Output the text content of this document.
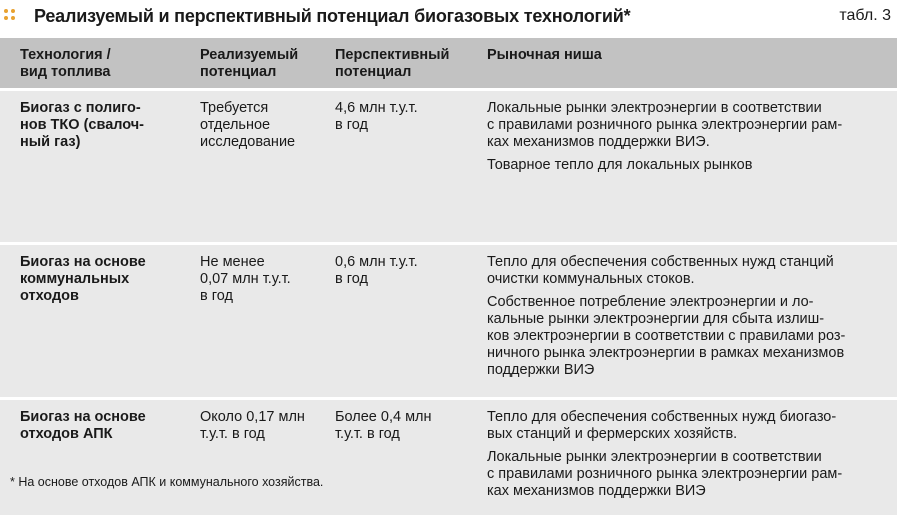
Реализуемый и перспективный потенциал биогазовых технологий*	табл. 3
Технология /
вид топлива
Реализуемый
потенциал
Перспективный
потенциал
Рыночная ниша
Биогаз с полиго-
нов ТКО (свалоч-
ный газ)
Требуется
отдельное
исследование
4,6 млн т.у.т.
в год

Локальные рынки электроэнергии в соответствии
с правилами розничного рынка электроэнергии рам-
ках механизмов поддержки ВИЭ.

Товарное тепло для локальных рынков

Биогаз на основе
коммунальных
отходов
Не менее
0,07 млн т.у.т.
в год
0,6 млн т.у.т.
в год

Тепло для обеспечения собственных нужд станций
очистки коммунальных стоков.

Собственное потребление электроэнергии и ло-
кальные рынки электроэнергии для сбыта излиш-
ков электроэнергии в соответствии с правилами роз-
ничного рынка электроэнергии в рамках механизмов
поддержки ВИЭ

Биогаз на основе
отходов АПК
Около 0,17 млн
т.у.т. в год
Более 0,4 млн
т.у.т. в год

Тепло для обеспечения собственных нужд биогазо-
вых станций и фермерских хозяйств.

Локальные рынки электроэнергии в соответствии
с правилами розничного рынка электроэнергии рам-
ках механизмов поддержки ВИЭ

* На основе отходов АПК и коммунального хозяйства.
